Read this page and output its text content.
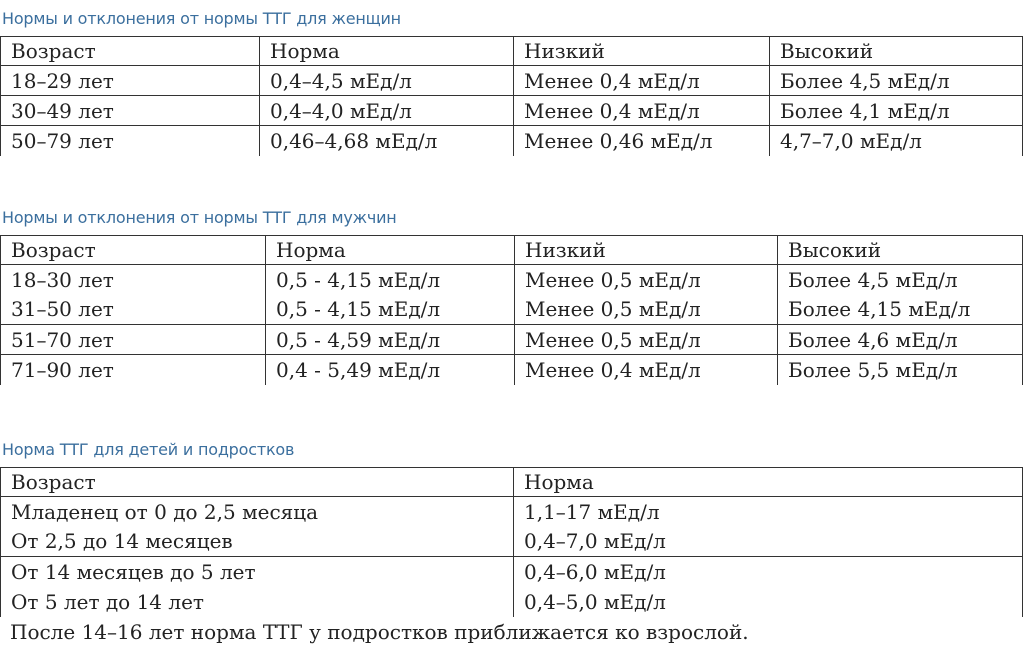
Нормы и отклонения от нормы ТТГ для женщин
Возраст	Норма	Низкий	Высокий
18–29 лет	0,4–4,5 мЕд/л	Менее 0,4 мЕд/л	Более 4,5 мЕд/л
30–49 лет	0,4–4,0 мЕд/л	Менее 0,4 мЕд/л	Более 4,1 мЕд/л
50–79 лет	0,46–4,68 мЕд/л	Менее 0,46 мЕд/л	4,7–7,0 мЕд/л
Нормы и отклонения от нормы ТТГ для мужчин
Возраст	Норма	Низкий	Высокий
18–30 лет	0,5 - 4,15 мЕд/л	Менее 0,5 мЕд/л	Более 4,5 мЕд/л
31–50 лет	0,5 - 4,15 мЕд/л	Менее 0,5 мЕд/л	Более 4,15 мЕд/л
51–70 лет	0,5 - 4,59 мЕд/л	Менее 0,5 мЕд/л	Более 4,6 мЕд/л
71–90 лет	0,4 - 5,49 мЕд/л	Менее 0,4 мЕд/л	Более 5,5 мЕд/л
Норма ТТГ для детей и подростков
Возраст	Норма
Младенец от 0 до 2,5 месяца	1,1–17 мЕд/л
От 2,5 до 14 месяцев	0,4–7,0 мЕд/л
От 14 месяцев до 5 лет	0,4–6,0 мЕд/л
От 5 лет до 14 лет	0,4–5,0 мЕд/л
После 14–16 лет норма ТТГ у подростков приближается ко взрослой.
